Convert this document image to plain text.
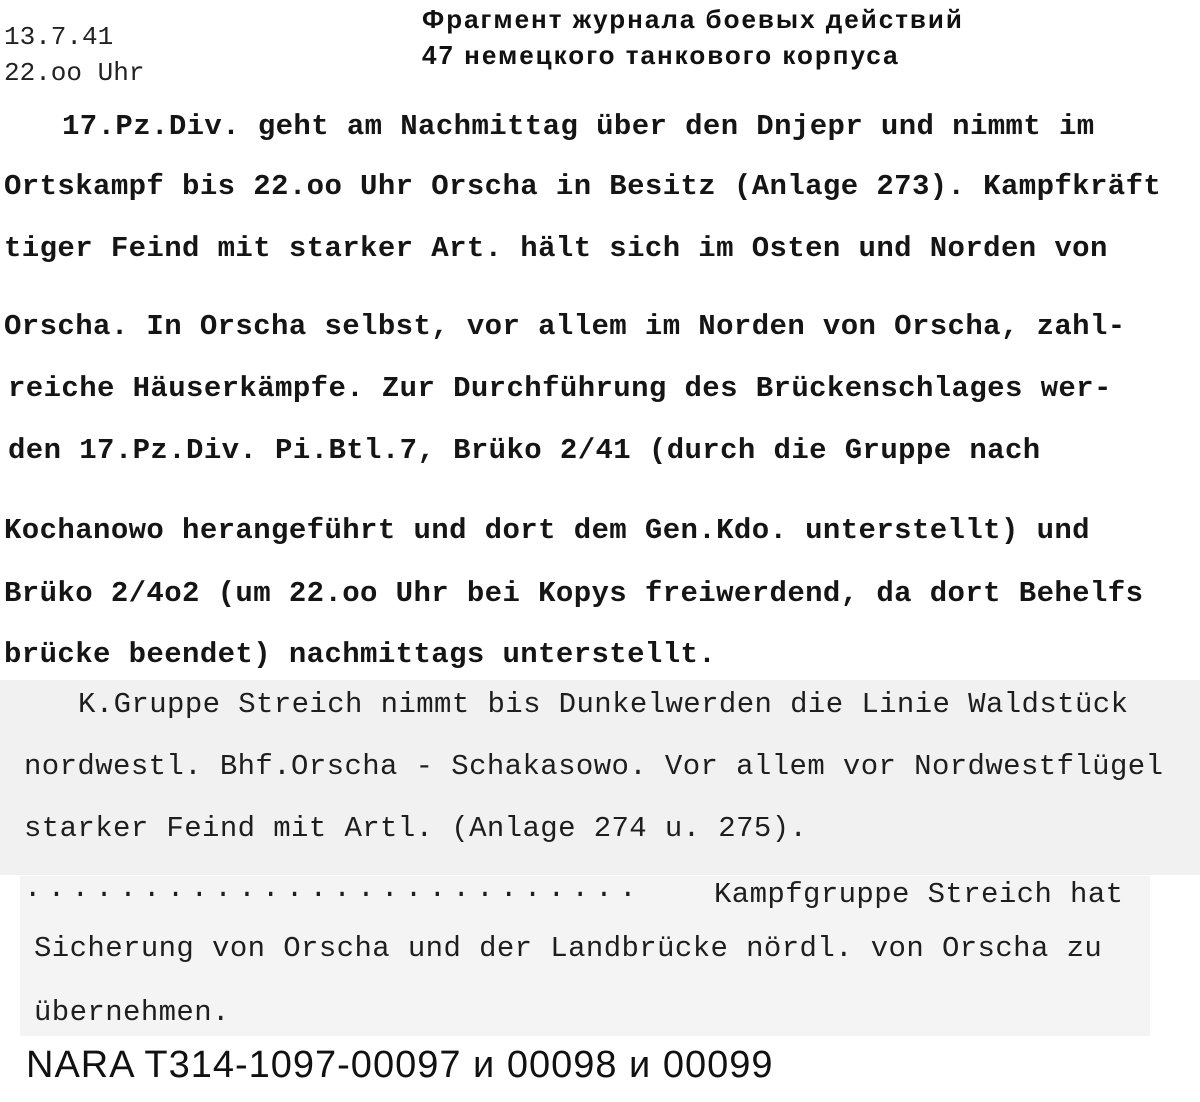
13.7.41
22.oo Uhr
Фрагмент журнала боевых действий
47 немецкого танкового корпуса
17.Pz.Div. geht am Nachmittag über den Dnjepr und nimmt im
Ortskampf bis 22.oo Uhr Orscha in Besitz (Anlage 273). Kampfkräft
tiger Feind mit starker Art. hält sich im Osten und Norden von
Orscha. In Orscha selbst, vor allem im Norden von Orscha, zahl-
reiche Häuserkämpfe. Zur Durchführung des Brückenschlages wer-
den 17.Pz.Div. Pi.Btl.7, Brüko 2/41 (durch die Gruppe nach
Kochanowo herangeführt und dort dem Gen.Kdo. unterstellt) und
Brüko 2/4o2 (um 22.oo Uhr bei Kopys freiwerdend, da dort Behelfs
brücke beendet) nachmittags unterstellt.
K.Gruppe Streich nimmt bis Dunkelwerden die Linie Waldstück
nordwestl. Bhf.Orscha - Schakasowo. Vor allem vor Nordwestflügel
starker Feind mit Artl. (Anlage 274 u. 275).
.......................... Kampfgruppe Streich hat
Sicherung von Orscha und der Landbrücke nördl. von Orscha zu
übernehmen.
NARA T314-1097-00097 и 00098 и 00099
